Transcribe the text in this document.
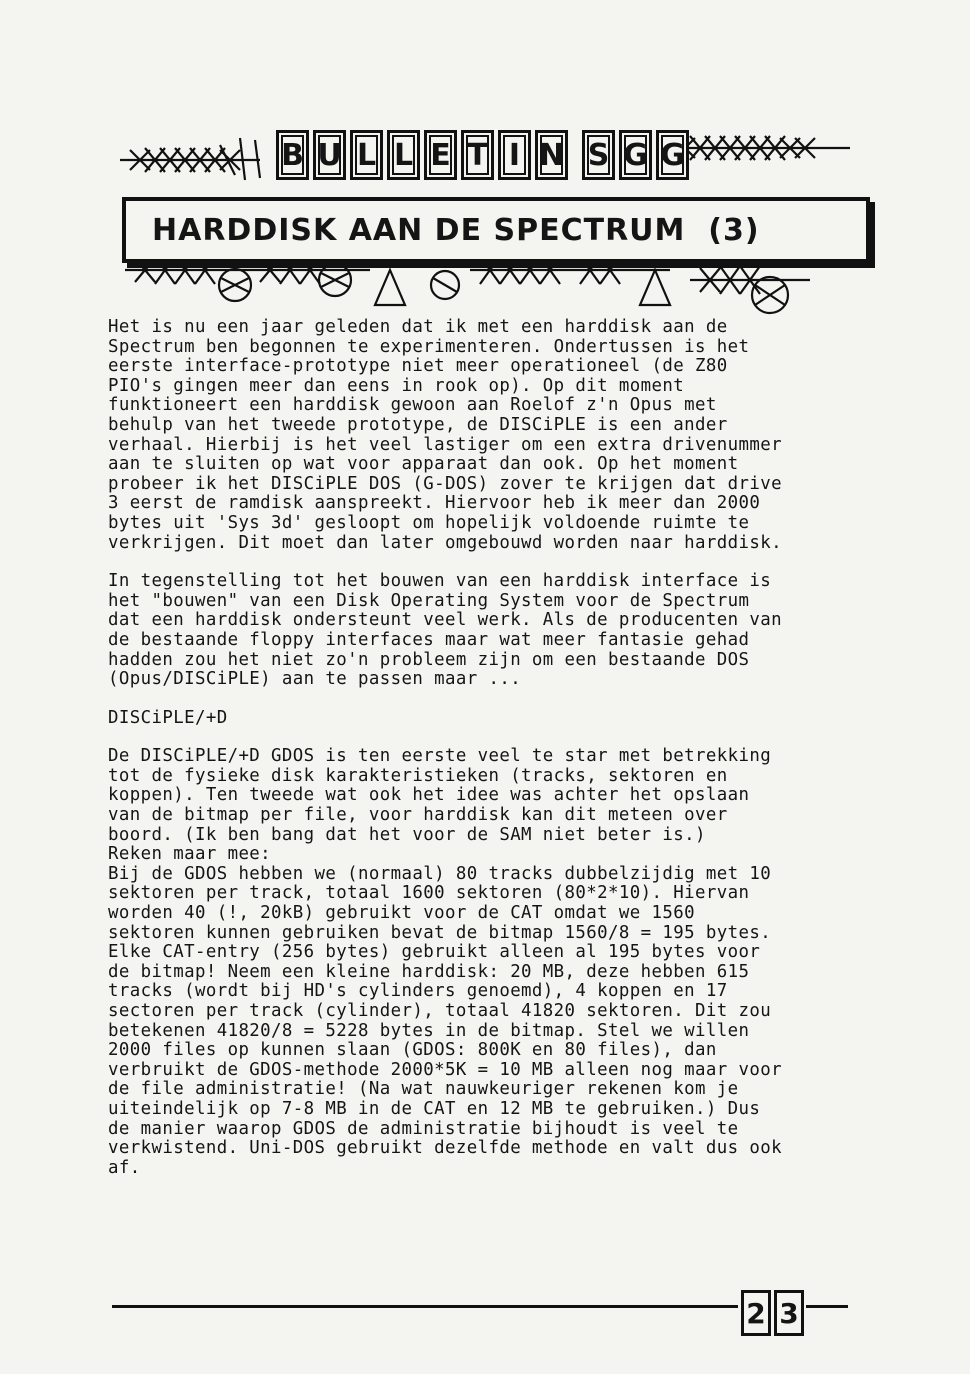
B U L L E T I N S G G
HARDDISK AAN DE SPECTRUM  (3)

Het is nu een jaar geleden dat ik met een harddisk aan de
Spectrum ben begonnen te experimenteren. Ondertussen is het
eerste interface-prototype niet meer operationeel (de Z80
PIO's gingen meer dan eens in rook op). Op dit moment
funktioneert een harddisk gewoon aan Roelof z'n Opus met
behulp van het tweede prototype, de DISCiPLE is een ander
verhaal. Hierbij is het veel lastiger om een extra drivenummer
aan te sluiten op wat voor apparaat dan ook. Op het moment
probeer ik het DISCiPLE DOS (G-DOS) zover te krijgen dat drive
3 eerst de ramdisk aanspreekt. Hiervoor heb ik meer dan 2000
bytes uit 'Sys 3d' gesloopt om hopelijk voldoende ruimte te
verkrijgen. Dit moet dan later omgebouwd worden naar harddisk.

In tegenstelling tot het bouwen van een harddisk interface is
het "bouwen" van een Disk Operating System voor de Spectrum
dat een harddisk ondersteunt veel werk. Als de producenten van
de bestaande floppy interfaces maar wat meer fantasie gehad
hadden zou het niet zo'n probleem zijn om een bestaande DOS
(Opus/DISCiPLE) aan te passen maar ...

DISCiPLE/+D

De DISCiPLE/+D GDOS is ten eerste veel te star met betrekking
tot de fysieke disk karakteristieken (tracks, sektoren en
koppen). Ten tweede wat ook het idee was achter het opslaan
van de bitmap per file, voor harddisk kan dit meteen over
boord. (Ik ben bang dat het voor de SAM niet beter is.)
Reken maar mee:
Bij de GDOS hebben we (normaal) 80 tracks dubbelzijdig met 10
sektoren per track, totaal 1600 sektoren (80*2*10). Hiervan
worden 40 (!, 20kB) gebruikt voor de CAT omdat we 1560
sektoren kunnen gebruiken bevat de bitmap 1560/8 = 195 bytes.
Elke CAT-entry (256 bytes) gebruikt alleen al 195 bytes voor
de bitmap! Neem een kleine harddisk: 20 MB, deze hebben 615
tracks (wordt bij HD's cylinders genoemd), 4 koppen en 17
sectoren per track (cylinder), totaal 41820 sektoren. Dit zou
betekenen 41820/8 = 5228 bytes in de bitmap. Stel we willen
2000 files op kunnen slaan (GDOS: 800K en 80 files), dan
verbruikt de GDOS-methode 2000*5K = 10 MB alleen nog maar voor
de file administratie! (Na wat nauwkeuriger rekenen kom je
uiteindelijk op 7-8 MB in de CAT en 12 MB te gebruiken.) Dus
de manier waarop GDOS de administratie bijhoudt is veel te
verkwistend. Uni-DOS gebruikt dezelfde methode en valt dus ook
af.

2 3
